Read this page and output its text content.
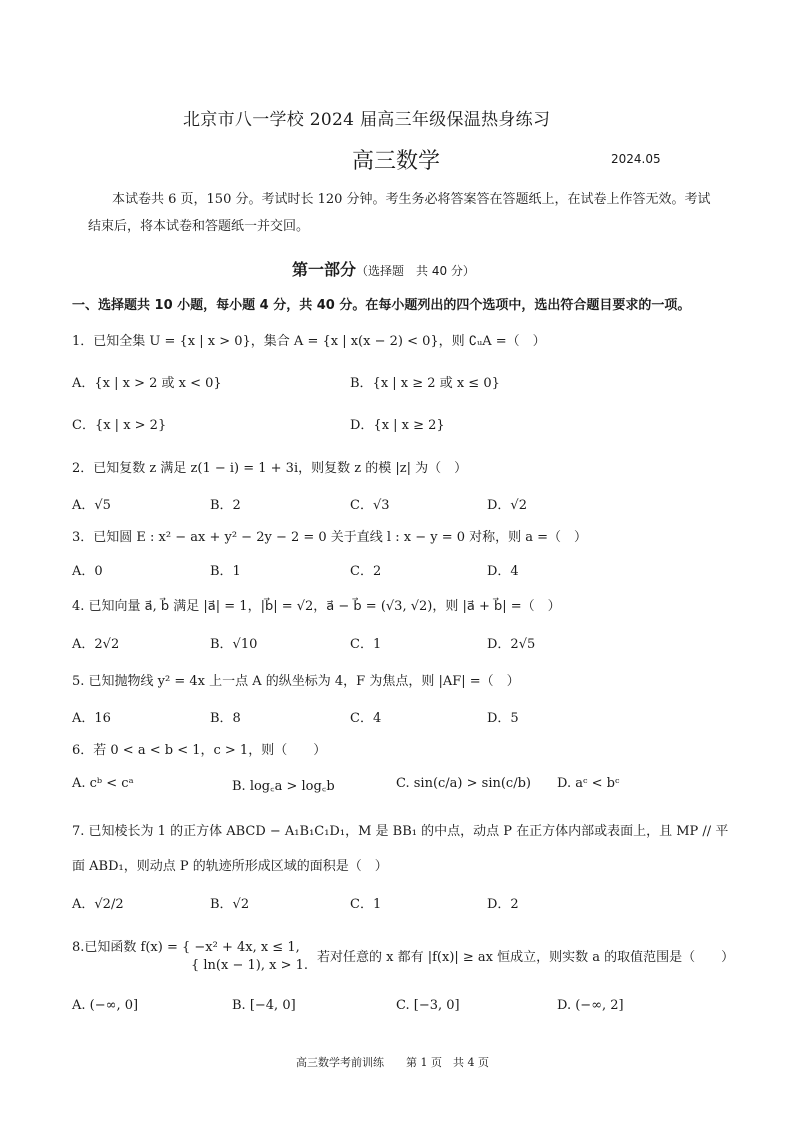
北京市八一学校 2024 届高三年级保温热身练习
高三数学	2024.05
本试卷共 6 页，150 分。考试时长 120 分钟。考生务必将答案答在答题纸上，在试卷上作答无效。考试结束后，将本试卷和答题纸一并交回。
第一部分（选择题　共 40 分）
一、选择题共 10 小题，每小题 4 分，共 40 分。在每小题列出的四个选项中，选出符合题目要求的一项。
1．已知全集 U = {x | x > 0}，集合 A = {x | x(x − 2) < 0}，则 ∁ᵤA =（　）
A．{x | x > 2 或 x < 0}	B．{x | x ≥ 2 或 x ≤ 0}
C．{x | x > 2}	D．{x | x ≥ 2}
2．已知复数 z 满足 z(1 − i) = 1 + 3i，则复数 z 的模 |z| 为（　）
A．√5	B．2	C．√3	D．√2
3．已知圆 E : x² − ax + y² − 2y − 2 = 0 关于直线 l : x − y = 0 对称，则 a =（　）
A．0	B．1	C．2	D．4
4. 已知向量 a⃗, b⃗ 满足 |a⃗| = 1，|b⃗| = √2，a⃗ − b⃗ = (√3, √2)，则 |a⃗ + b⃗| =（　）
A．2√2	B．√10	C．1	D．2√5
5. 已知抛物线 y² = 4x 上一点 A 的纵坐标为 4，F 为焦点，则 |AF| =（　）
A．16	B．8	C．4	D．5
6．若 0 < a < b < 1，c > 1，则（　　）
A. cᵇ < cᵃ	B. log꜀a > log꜀b	C. sin(c/a) > sin(c/b) D. aᶜ < bᶜ
7. 已知棱长为 1 的正方体 ABCD − A₁B₁C₁D₁，M 是 BB₁ 的中点，动点 P 在正方体内部或表面上，且 MP // 平
面 ABD₁，则动点 P 的轨迹所形成区域的面积是（　）
A．√2/2	B．√2	C．1	D．2
8.已知函数 f(x) = { −x² + 4x, x ≤ 1,
{ ln(x − 1), x > 1.
若对任意的 x 都有 |f(x)| ≥ ax 恒成立，则实数 a 的取值范围是（　　）
A. (−∞, 0]	B. [−4, 0]	C. [−3, 0]	D. (−∞, 2]
高三数学考前训练　　第 1 页　共 4 页
